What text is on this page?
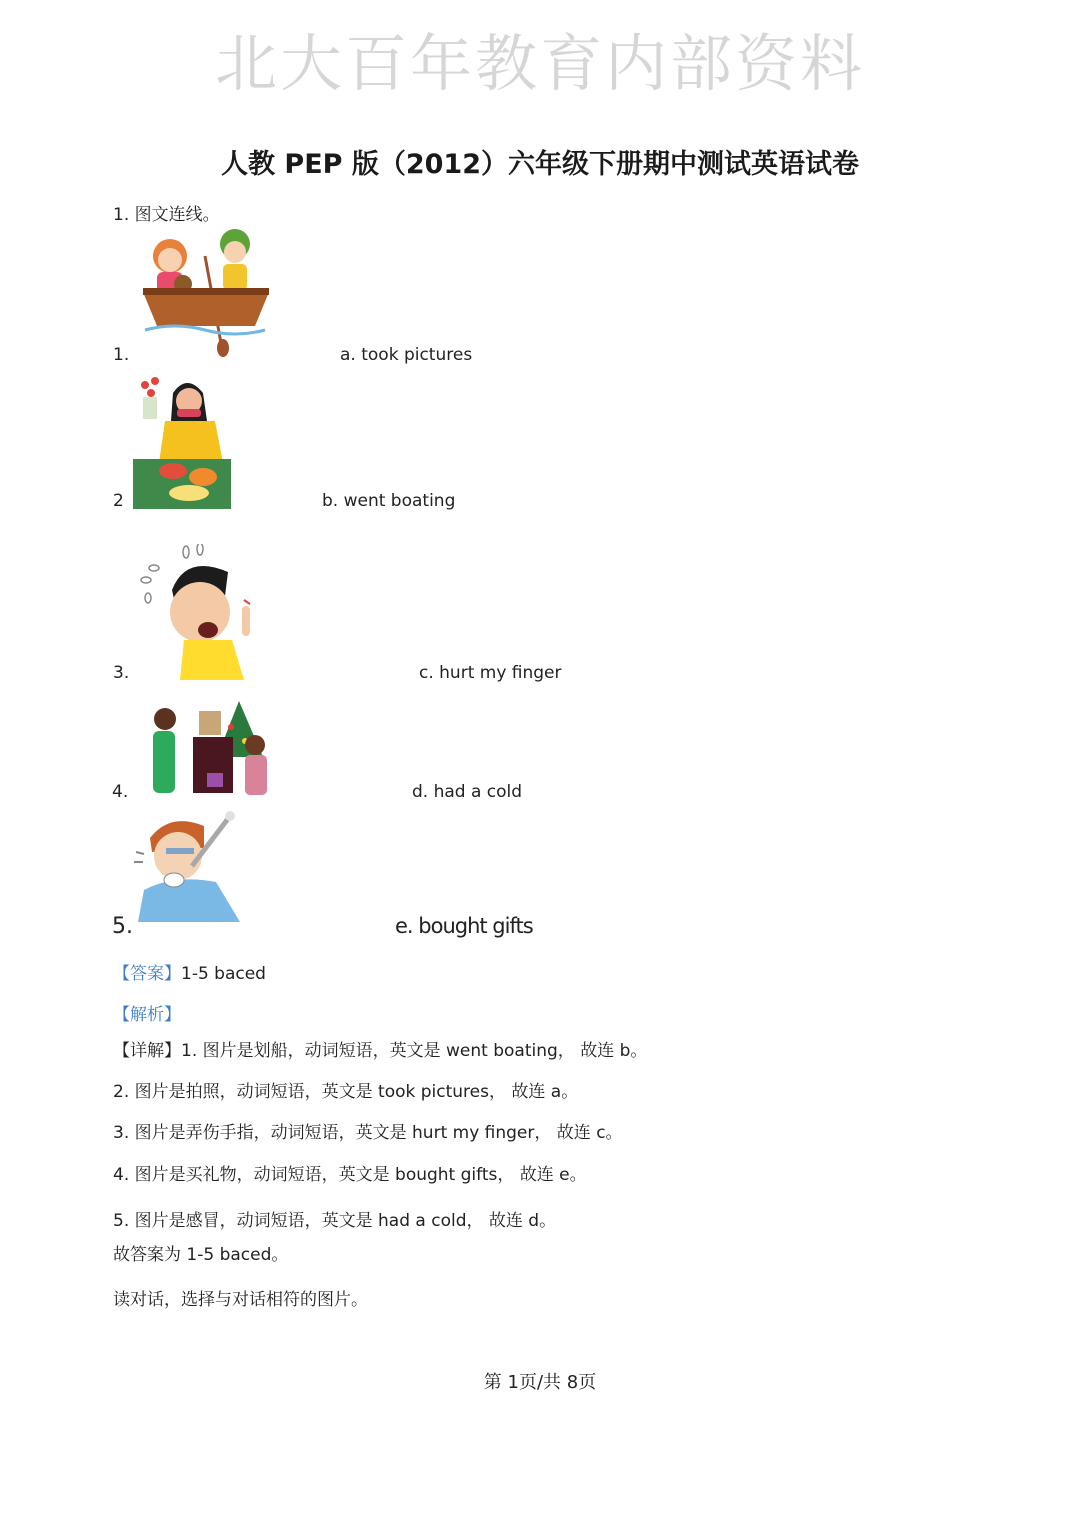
北大百年教育内部资料
人教 PEP 版（2012）六年级下册期中测试英语试卷
1. 图文连线。
1.	a. took pictures
2	b. went boating
3.	c. hurt my finger
4.	d. had a cold
5.	e. bought gifts
【答案】1-5 baced
【解析】
【详解】1. 图片是划船，动词短语，英文是 went boating， 故连 b。
2. 图片是拍照，动词短语，英文是 took pictures， 故连 a。
3. 图片是弄伤手指，动词短语，英文是 hurt my finger， 故连 c。
4. 图片是买礼物，动词短语，英文是 bought gifts， 故连 e。
5. 图片是感冒，动词短语，英文是 had a cold， 故连 d。
故答案为 1-5 baced。
读对话，选择与对话相符的图片。
第 1页/共 8页
